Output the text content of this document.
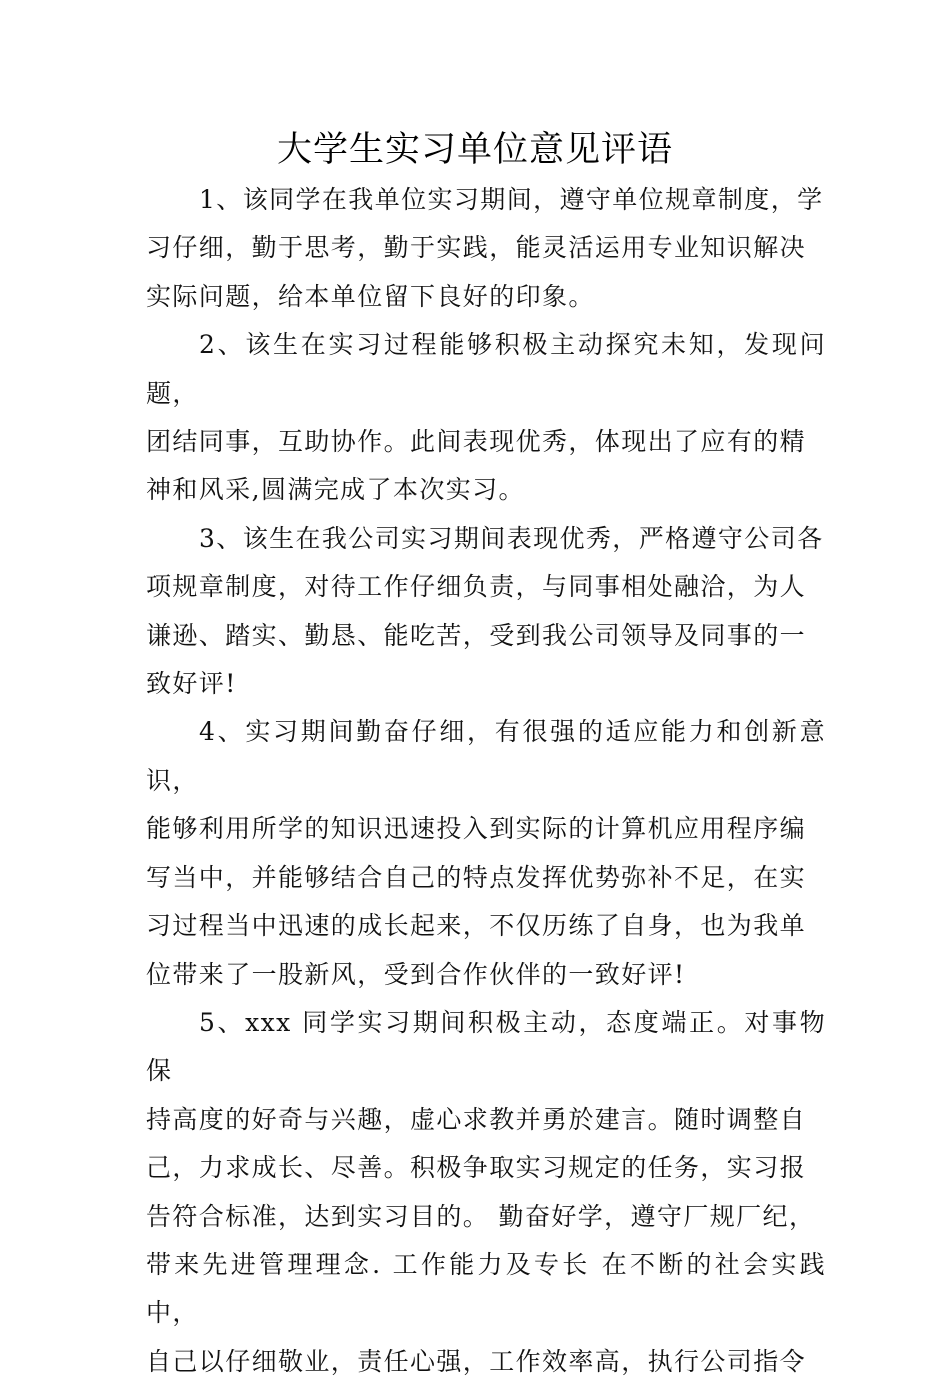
大学生实习单位意见评语

1、该同学在我单位实习期间，遵守单位规章制度，学
习仔细，勤于思考，勤于实践，能灵活运用专业知识解决
实际问题，给本单位留下良好的印象。

2、该生在实习过程能够积极主动探究未知，发现问题，
团结同事，互助协作。此间表现优秀，体现出了应有的精
神和风采,圆满完成了本次实习。

3、该生在我公司实习期间表现优秀，严格遵守公司各
项规章制度，对待工作仔细负责，与同事相处融洽，为人
谦逊、踏实、勤恳、能吃苦，受到我公司领导及同事的一
致好评!

4、实习期间勤奋仔细，有很强的适应能力和创新意识，
能够利用所学的知识迅速投入到实际的计算机应用程序编
写当中，并能够结合自己的特点发挥优势弥补不足，在实
习过程当中迅速的成长起来，不仅历练了自身，也为我单
位带来了一股新风，受到合作伙伴的一致好评!

5、xxx 同学实习期间积极主动，态度端正。对事物保
持高度的好奇与兴趣，虚心求教并勇於建言。随时调整自
己，力求成长、尽善。积极争取实习规定的任务，实习报
告符合标准，达到实习目的。 勤奋好学，遵守厂规厂纪，
带来先进管理理念. 工作能力及专长 在不断的社会实践中，
自己以仔细敬业，责任心强，工作效率高，执行公司指令
